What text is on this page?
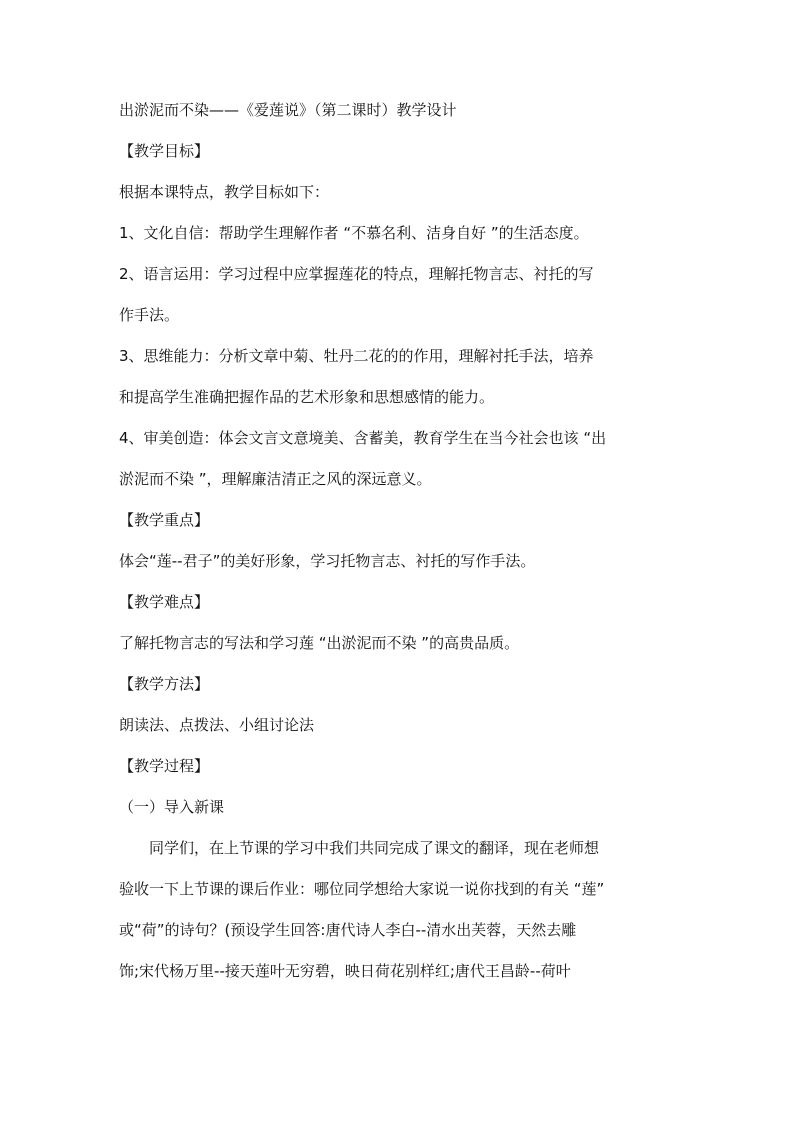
出淤泥而不染——《爱莲说》（第二课时）教学设计

【教学目标】

根据本课特点，教学目标如下：

1、文化自信：帮助学生理解作者 “不慕名利、洁身自好 ”的生活态度。

2、语言运用：学习过程中应掌握莲花的特点，理解托物言志、衬托的写

作手法。

3、思维能力：分析文章中菊、牡丹二花的的作用，理解衬托手法，培养

和提高学生准确把握作品的艺术形象和思想感情的能力。

4、审美创造：体会文言文意境美、含蓄美，教育学生在当今社会也该 “出

淤泥而不染 ”，理解廉洁清正之风的深远意义。

【教学重点】

体会“莲--君子”的美好形象，学习托物言志、衬托的写作手法。

【教学难点】

了解托物言志的写法和学习莲 “出淤泥而不染 ”的高贵品质。

【教学方法】

朗读法、点拨法、小组讨论法

【教学过程】

（一）导入新课

同学们，在上节课的学习中我们共同完成了课文的翻译，现在老师想

验收一下上节课的课后作业：哪位同学想给大家说一说你找到的有关 “莲”

或“荷”的诗句？(预设学生回答:唐代诗人李白--清水出芙蓉，天然去雕

饰;宋代杨万里--接天莲叶无穷碧，映日荷花别样红;唐代王昌龄--荷叶
